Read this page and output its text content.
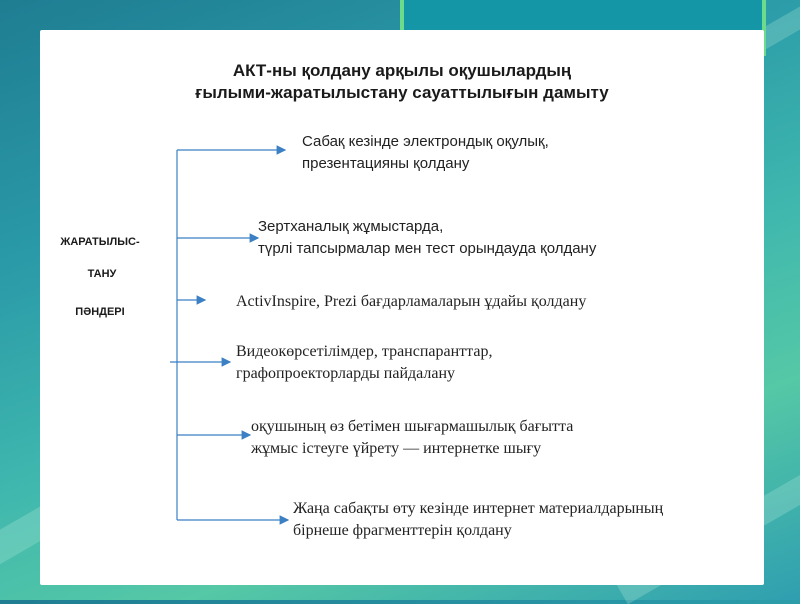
АКТ-ны қолдану арқылы оқушылардың
ғылыми-жаратылыстану сауаттылығын дамыту
ЖАРАТЫЛЫС-
ТАНУ
ПӘНДЕРІ
Сабақ кезінде электрондық оқулық,
презентацияны қолдану
Зертханалық жұмыстарда,
түрлі тапсырмалар мен тест орындауда қолдану
ActivInspire, Prezi бағдарламаларын ұдайы қолдану
Видеокөрсетілімдер, транспаранттар,
графопроекторларды пайдалану
оқушының өз бетімен шығармашылық бағытта
жұмыс істеуге үйрету — интернетке шығу
Жаңа сабақты өту кезінде интернет материалдарының
бірнеше фрагменттерін қолдану
